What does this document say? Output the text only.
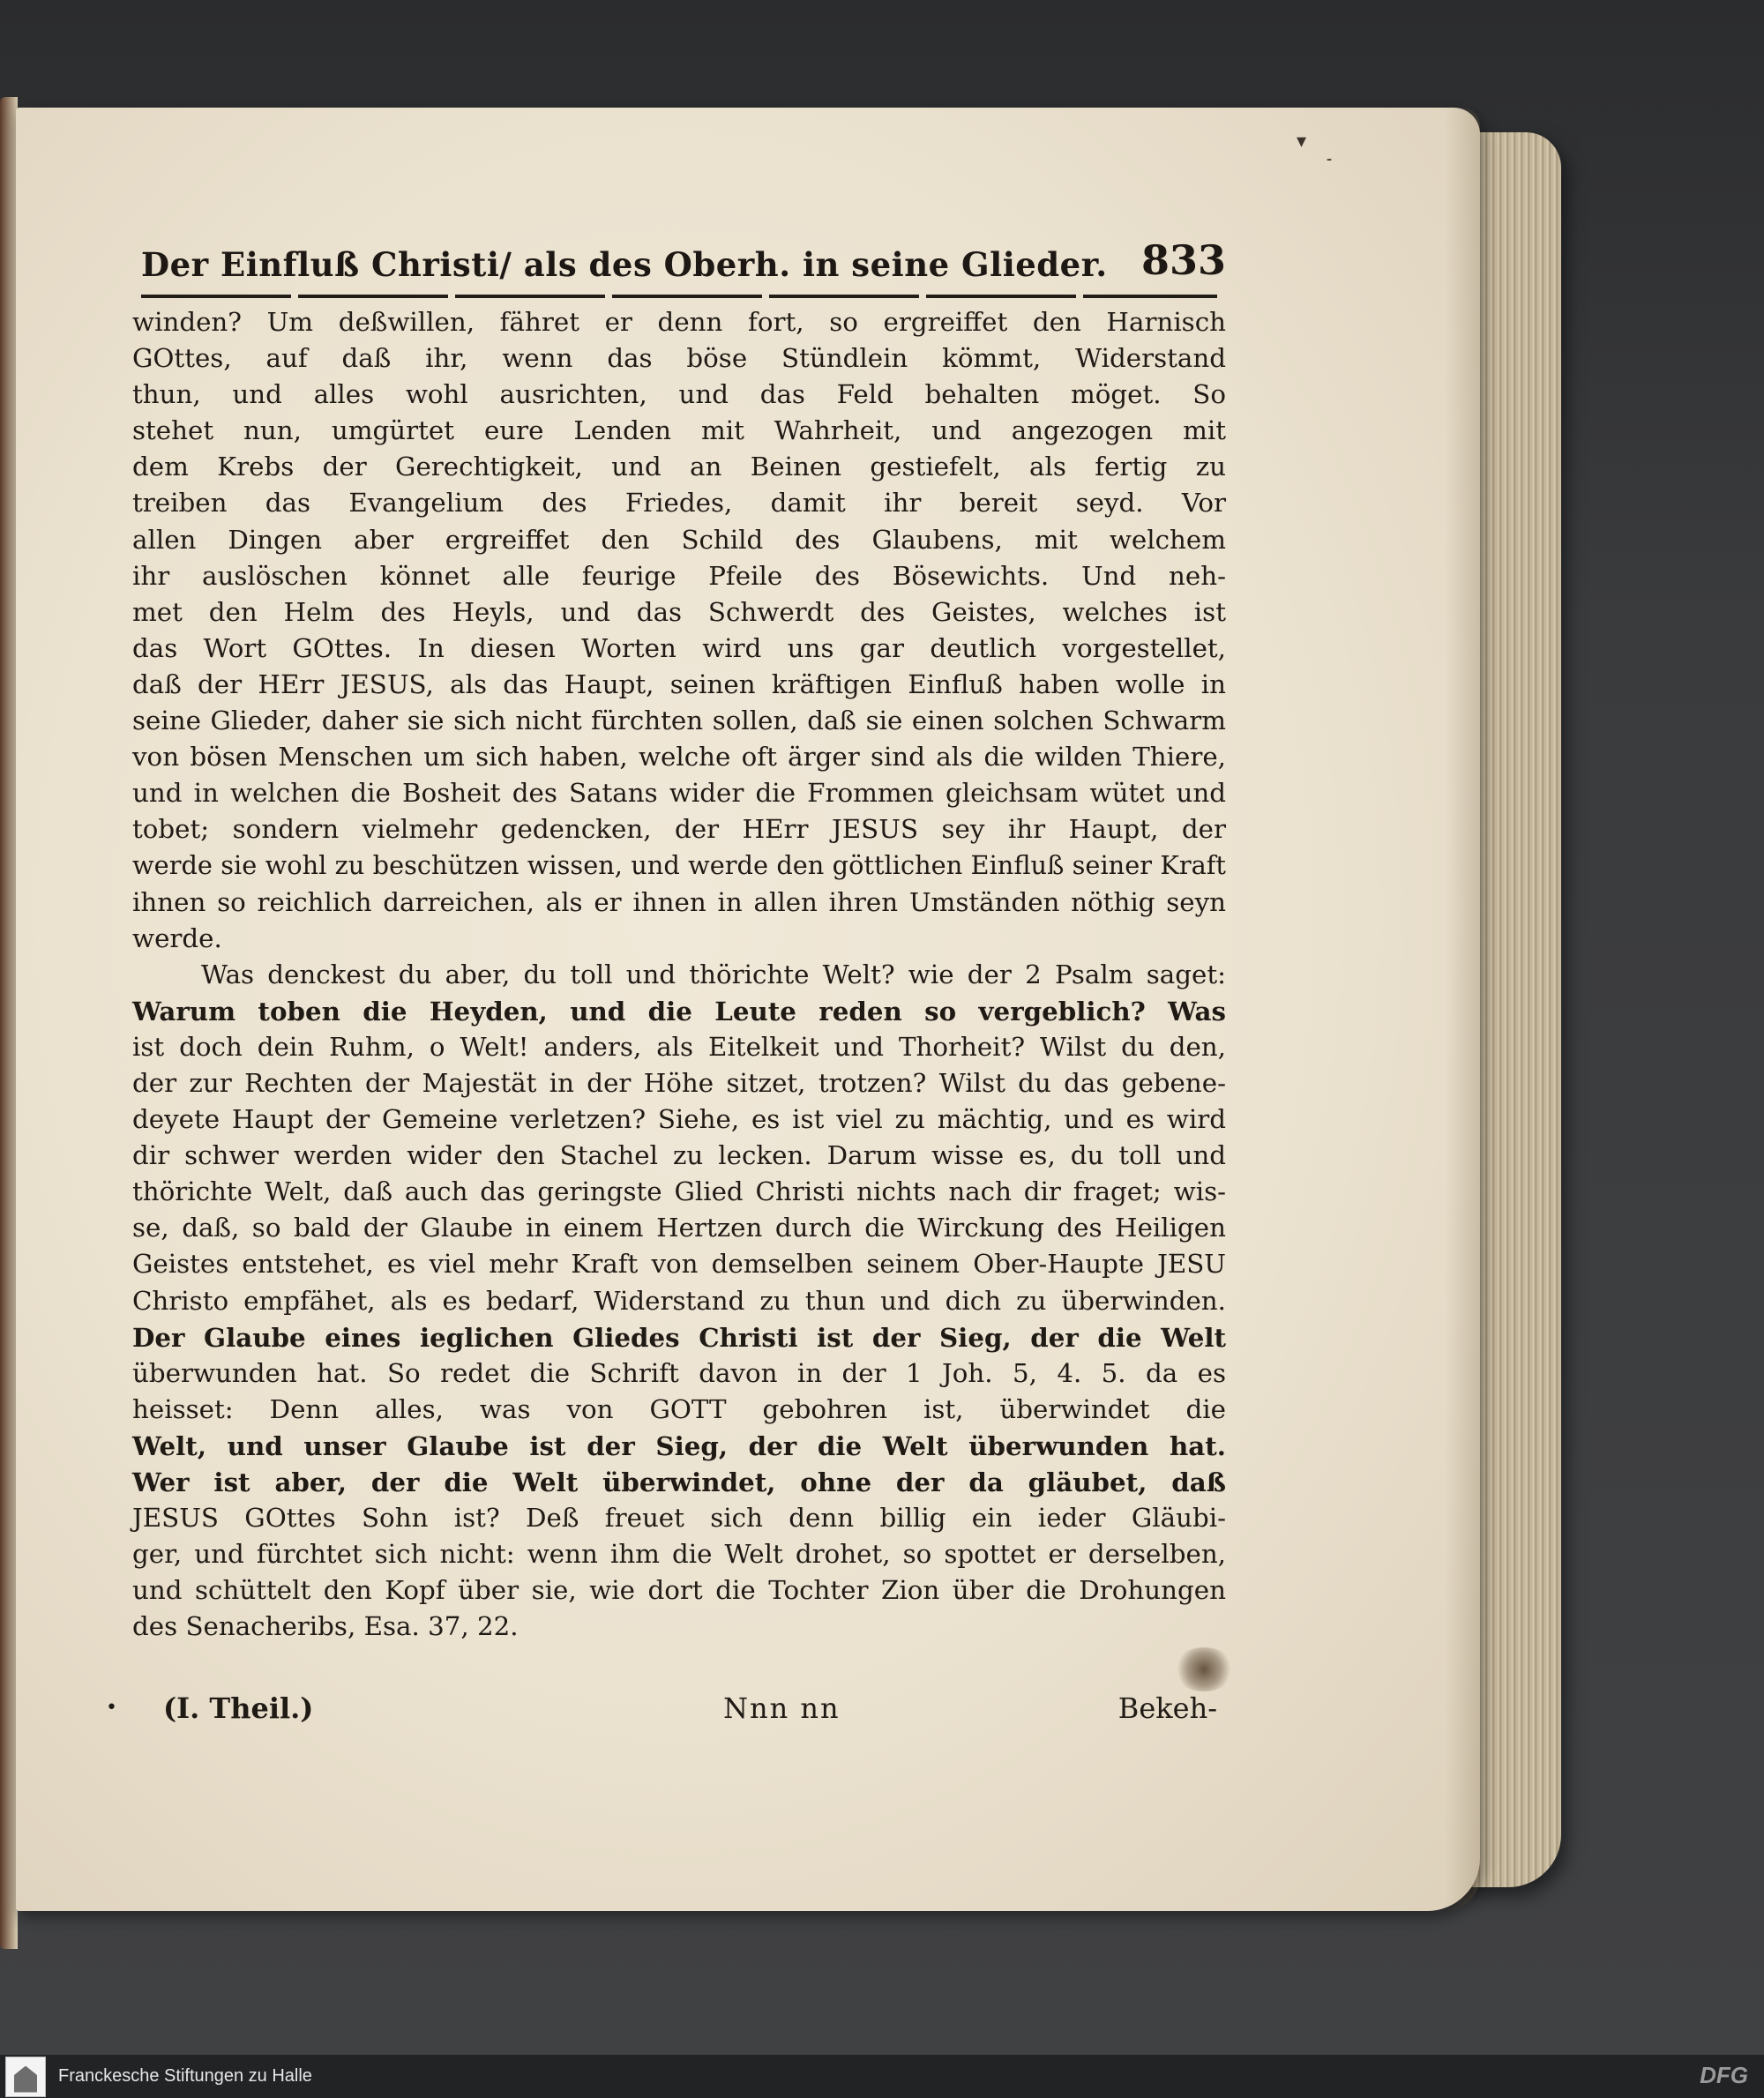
▾
⁃
Der Einfluß Christi/ als des Oberh. in seine Glieder. 833
winden? Um deßwillen, fähret er denn fort, so ergreiffet den Harnisch
GOttes, auf daß ihr, wenn das böse Stündlein kömmt, Widerstand
thun, und alles wohl ausrichten, und das Feld behalten möget. So
stehet nun, umgürtet eure Lenden mit Wahrheit, und angezogen mit
dem Krebs der Gerechtigkeit, und an Beinen gestiefelt, als fertig zu
treiben das Evangelium des Friedes, damit ihr bereit seyd. Vor
allen Dingen aber ergreiffet den Schild des Glaubens, mit welchem
ihr auslöschen könnet alle feurige Pfeile des Bösewichts. Und neh-
met den Helm des Heyls, und das Schwerdt des Geistes, welches ist
das Wort GOttes. In diesen Worten wird uns gar deutlich vorgestellet,
daß der HErr JESUS, als das Haupt, seinen kräftigen Einfluß haben wolle in
seine Glieder, daher sie sich nicht fürchten sollen, daß sie einen solchen Schwarm
von bösen Menschen um sich haben, welche oft ärger sind als die wilden Thiere,
und in welchen die Bosheit des Satans wider die Frommen gleichsam wütet und
tobet; sondern vielmehr gedencken, der HErr JESUS sey ihr Haupt, der
werde sie wohl zu beschützen wissen, und werde den göttlichen Einfluß seiner Kraft
ihnen so reichlich darreichen, als er ihnen in allen ihren Umständen nöthig seyn
werde.
Was denckest du aber, du toll und thörichte Welt? wie der 2 Psalm saget:
Warum toben die Heyden, und die Leute reden so vergeblich? Was
ist doch dein Ruhm, o Welt! anders, als Eitelkeit und Thorheit? Wilst du den,
der zur Rechten der Majestät in der Höhe sitzet, trotzen? Wilst du das gebene-
deyete Haupt der Gemeine verletzen? Siehe, es ist viel zu mächtig, und es wird
dir schwer werden wider den Stachel zu lecken. Darum wisse es, du toll und
thörichte Welt, daß auch das geringste Glied Christi nichts nach dir fraget; wis-
se, daß, so bald der Glaube in einem Hertzen durch die Wirckung des Heiligen
Geistes entstehet, es viel mehr Kraft von demselben seinem Ober-Haupte JESU
Christo empfähet, als es bedarf, Widerstand zu thun und dich zu überwinden.
Der Glaube eines ieglichen Gliedes Christi ist der Sieg, der die Welt
überwunden hat. So redet die Schrift davon in der 1 Joh. 5, 4. 5. da es
heisset: Denn alles, was von GOTT gebohren ist, überwindet die
Welt, und unser Glaube ist der Sieg, der die Welt überwunden hat.
Wer ist aber, der die Welt überwindet, ohne der da gläubet, daß
JESUS GOttes Sohn ist? Deß freuet sich denn billig ein ieder Gläubi-
ger, und fürchtet sich nicht: wenn ihm die Welt drohet, so spottet er derselben,
und schüttelt den Kopf über sie, wie dort die Tochter Zion über die Drohungen
des Senacheribs, Esa. 37, 22.
• (I. Theil.)	Nnn nn	Bekeh-
Franckesche Stiftungen zu Halle	DFG
